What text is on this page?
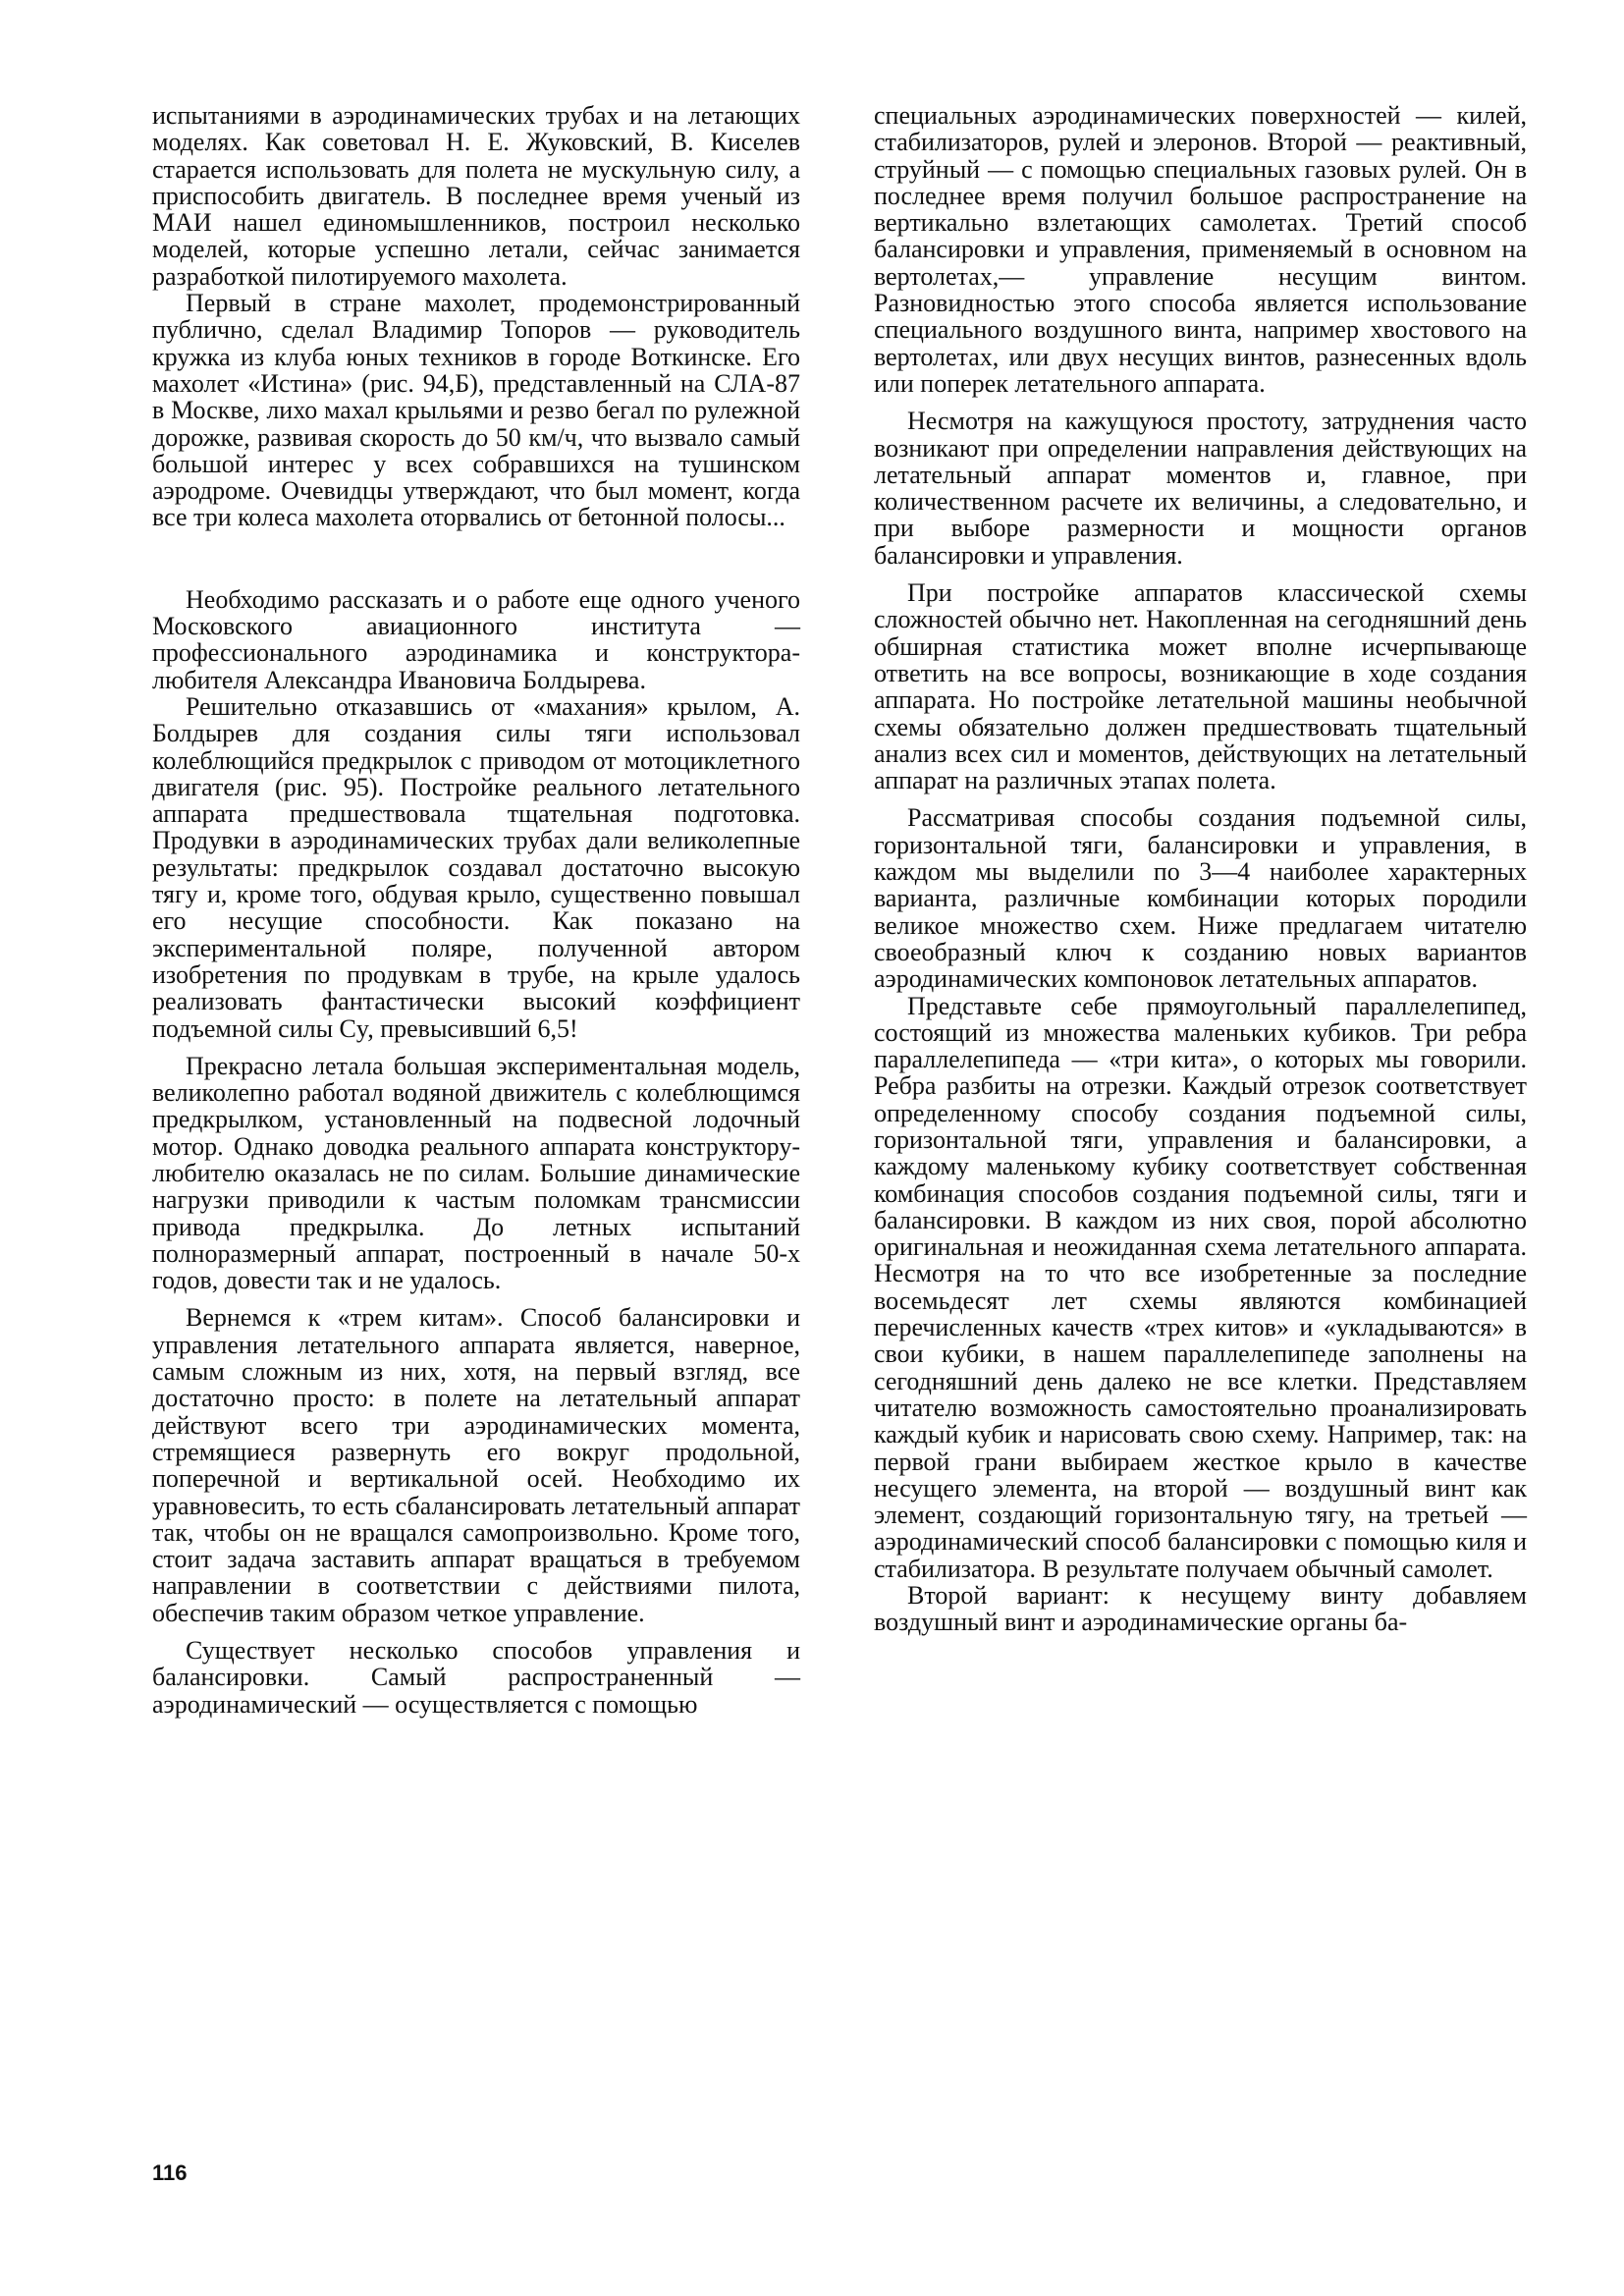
испытаниями в аэродинамических трубах и на летающих моделях. Как советовал Н. Е. Жуковский, В. Киселев старается использовать для полета не мускульную силу, а приспособить двигатель. В последнее время ученый из МАИ нашел единомышленников, построил несколько моделей, которые успешно летали, сейчас занимается разработкой пилотируемого махолета.

Первый в стране махолет, продемонстрированный публично, сделал Владимир Топоров — руководитель кружка из клуба юных техников в городе Воткинске. Его махолет «Истина» (рис. 94,Б), представленный на СЛА-87 в Москве, лихо махал крыльями и резво бегал по рулежной дорожке, развивая скорость до 50 км/ч, что вызвало самый большой интерес у всех собравшихся на тушинском аэродроме. Очевидцы утверждают, что был момент, когда все три колеса махолета оторвались от бетонной полосы...

Необходимо рассказать и о работе еще одного ученого Московского авиационного института — профессионального аэродинамика и конструктора-любителя Александра Ивановича Болдырева.

Решительно отказавшись от «махания» крылом, А. Болдырев для создания силы тяги использовал колеблющийся предкрылок с приводом от мотоциклетного двигателя (рис. 95). Постройке реального летательного аппарата предшествовала тщательная подготовка. Продувки в аэродинамических трубах дали великолепные результаты: предкрылок создавал достаточно высокую тягу и, кроме того, обдувая крыло, существенно повышал его несущие способности. Как показано на экспериментальной поляре, полученной автором изобретения по продувкам в трубе, на крыле удалось реализовать фантастически высокий коэффициент подъемной силы Cy, превысивший 6,5!

Прекрасно летала большая экспериментальная модель, великолепно работал водяной движитель с колеблющимся предкрылком, установленный на подвесной лодочный мотор. Однако доводка реального аппарата конструктору-любителю оказалась не по силам. Большие динамические нагрузки приводили к частым поломкам трансмиссии привода предкрылка. До летных испытаний полноразмерный аппарат, построенный в начале 50-х годов, довести так и не удалось.

Вернемся к «трем китам». Способ балансировки и управления летательного аппарата является, наверное, самым сложным из них, хотя, на первый взгляд, все достаточно просто: в полете на летательный аппарат действуют всего три аэродинамических момента, стремящиеся развернуть его вокруг продольной, поперечной и вертикальной осей. Необходимо их уравновесить, то есть сбалансировать летательный аппарат так, чтобы он не вращался самопроизвольно. Кроме того, стоит задача заставить аппарат вращаться в требуемом направлении в соответствии с действиями пилота, обеспечив таким образом четкое управление.

Существует несколько способов управления и балансировки. Самый распространенный — аэродинамический — осуществляется с помощью

специальных аэродинамических поверхностей — килей, стабилизаторов, рулей и элеронов. Второй — реактивный, струйный — с помощью специальных газовых рулей. Он в последнее время получил большое распространение на вертикально взлетающих самолетах. Третий способ балансировки и управления, применяемый в основном на вертолетах,— управление несущим винтом. Разновидностью этого способа является использование специального воздушного винта, например хвостового на вертолетах, или двух несущих винтов, разнесенных вдоль или поперек летательного аппарата.

Несмотря на кажущуюся простоту, затруднения часто возникают при определении направления действующих на летательный аппарат моментов и, главное, при количественном расчете их величины, а следовательно, и при выборе размерности и мощности органов балансировки и управления.

При постройке аппаратов классической схемы сложностей обычно нет. Накопленная на сегодняшний день обширная статистика может вполне исчерпывающе ответить на все вопросы, возникающие в ходе создания аппарата. Но постройке летательной машины необычной схемы обязательно должен предшествовать тщательный анализ всех сил и моментов, действующих на летательный аппарат на различных этапах полета.

Рассматривая способы создания подъемной силы, горизонтальной тяги, балансировки и управления, в каждом мы выделили по 3—4 наиболее характерных варианта, различные комбинации которых породили великое множество схем. Ниже предлагаем читателю своеобразный ключ к созданию новых вариантов аэродинамических компоновок летательных аппаратов.

Представьте себе прямоугольный параллелепипед, состоящий из множества маленьких кубиков. Три ребра параллелепипеда — «три кита», о которых мы говорили. Ребра разбиты на отрезки. Каждый отрезок соответствует определенному способу создания подъемной силы, горизонтальной тяги, управления и балансировки, а каждому маленькому кубику соответствует собственная комбинация способов создания подъемной силы, тяги и балансировки. В каждом из них своя, порой абсолютно оригинальная и неожиданная схема летательного аппарата. Несмотря на то что все изобретенные за последние восемьдесят лет схемы являются комбинацией перечисленных качеств «трех китов» и «укладываются» в свои кубики, в нашем параллелепипеде заполнены на сегодняшний день далеко не все клетки. Представляем читателю возможность самостоятельно проанализировать каждый кубик и нарисовать свою схему. Например, так: на первой грани выбираем жесткое крыло в качестве несущего элемента, на второй — воздушный винт как элемент, создающий горизонтальную тягу, на третьей — аэродинамический способ балансировки с помощью киля и стабилизатора. В результате получаем обычный самолет.

Второй вариант: к несущему винту добавляем воздушный винт и аэродинамические органы ба-

116
